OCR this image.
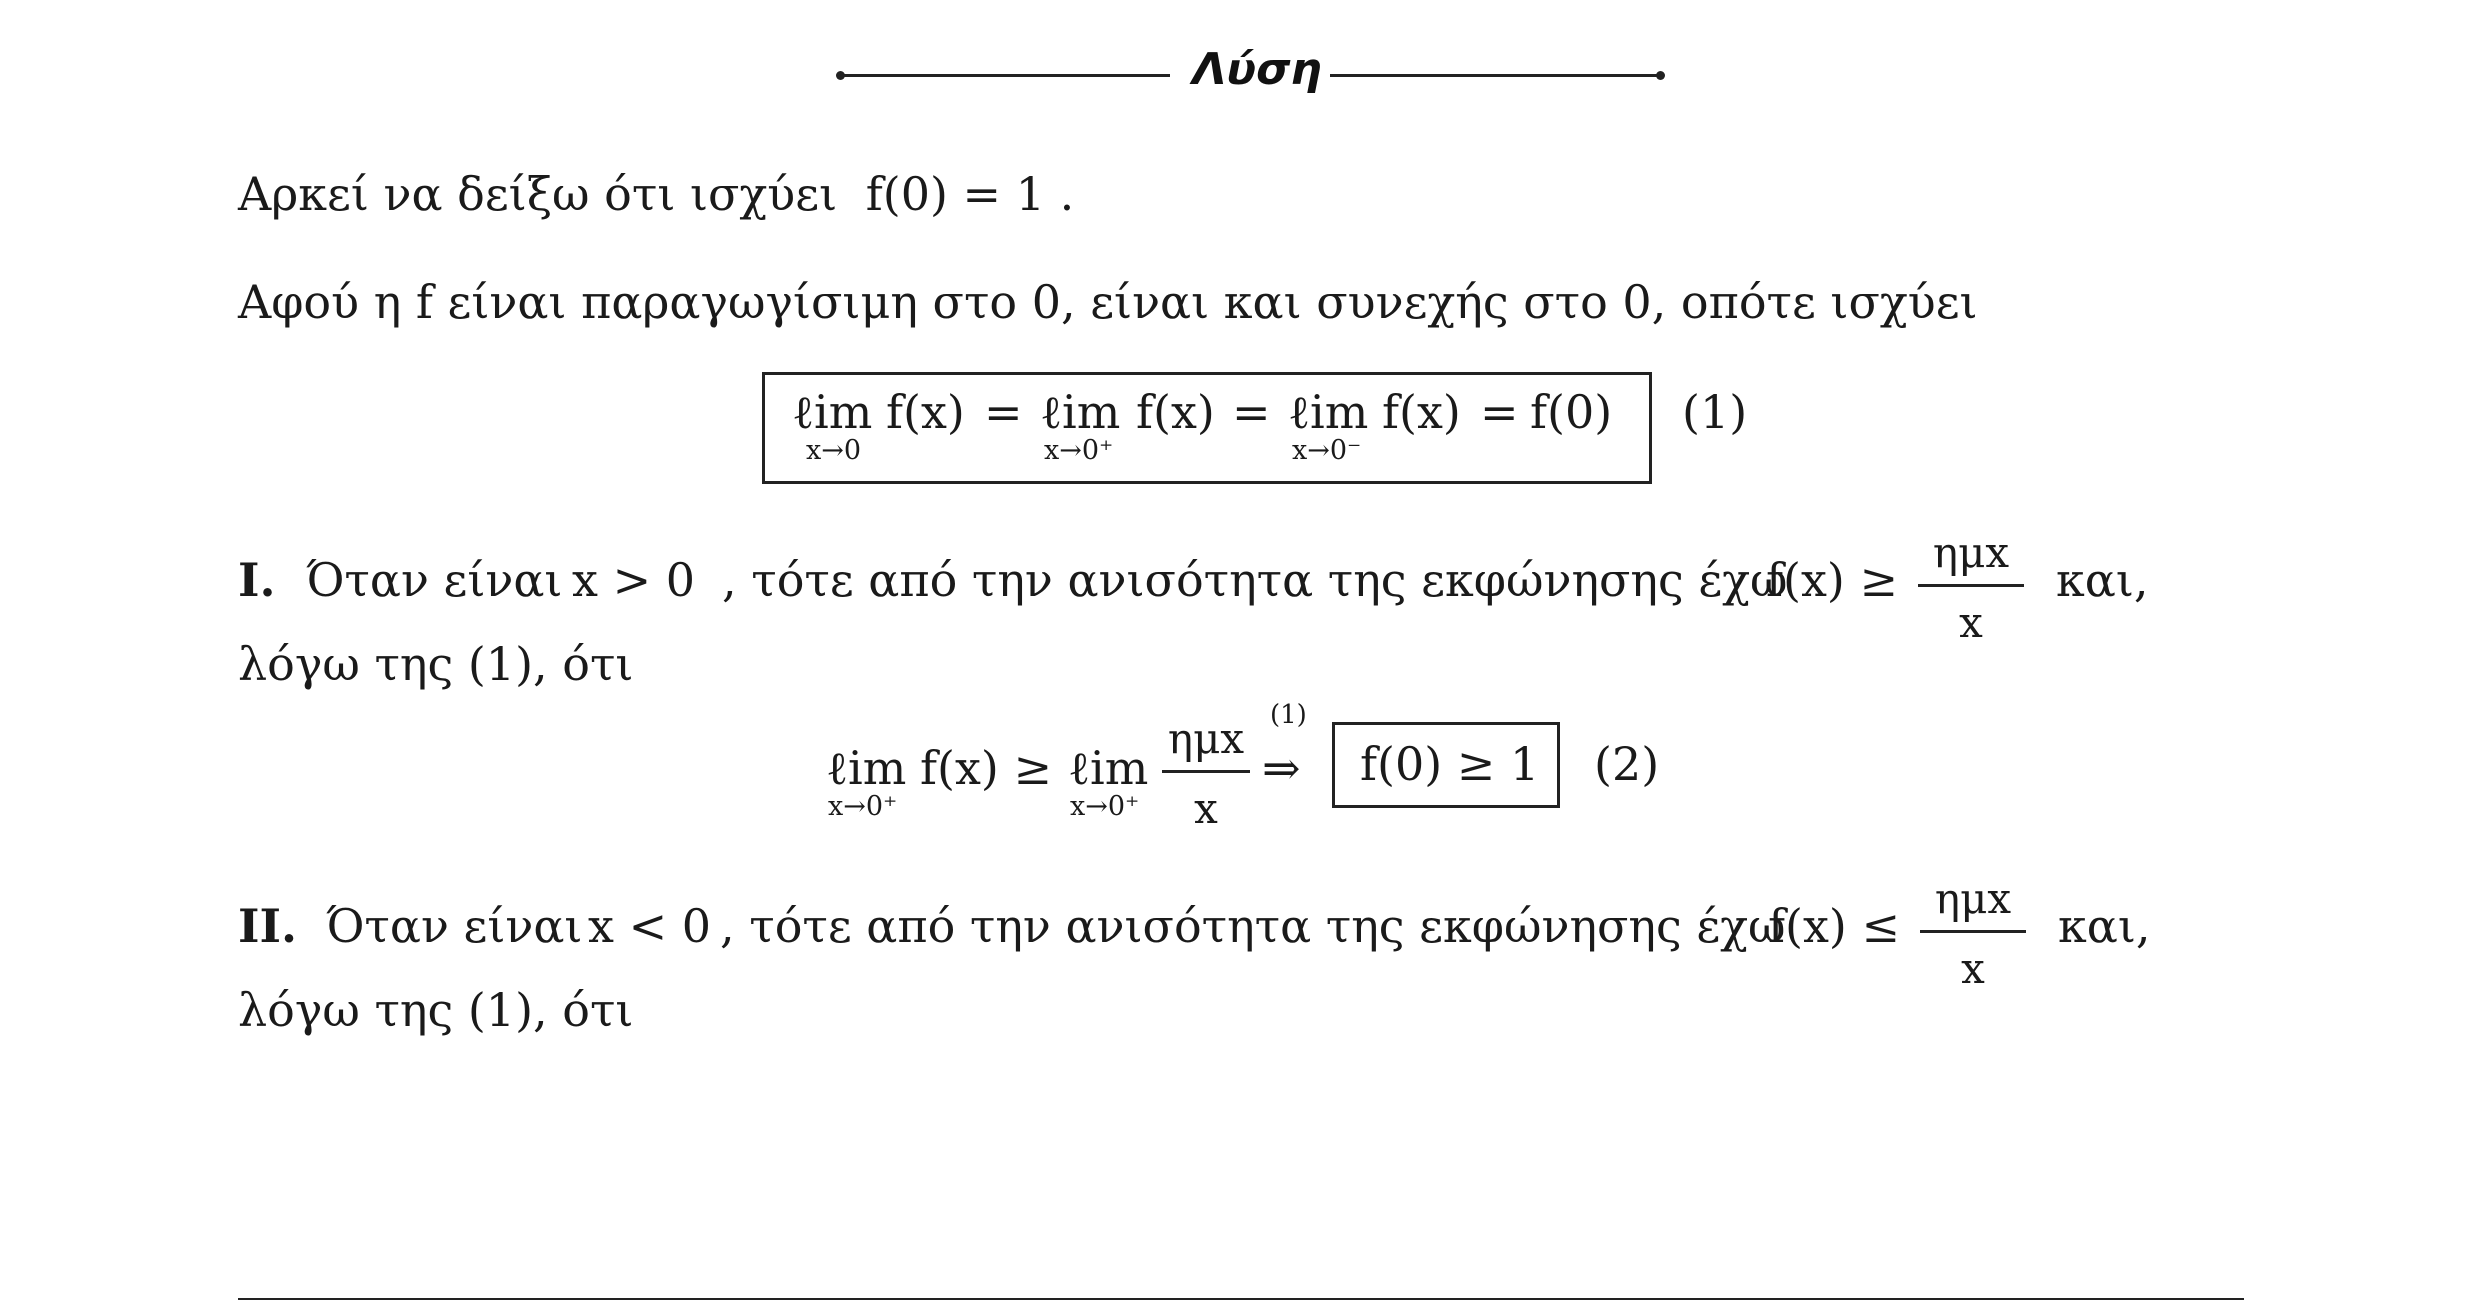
Λύση
Αρκεί να δείξω ότι ισχύει f(0) = 1 .
Αφού η f είναι παραγωγίσιμη στο 0, είναι και συνεχής στο 0, οπότε ισχύει
ℓim
x→0
f(x) = ℓim
x→0⁺
f(x) = ℓim
x→0⁻
f(x) = f(0) (1)
I. Όταν είναι x > 0 , τότε από την ανισότητα της εκφώνησης έχω
f(x) ≥
ημx
x
και,
λόγω της (1), ότι
ℓim
x→0⁺
f(x) ≥ ℓim
x→0⁺
ημx
x
(1)
⇒ f(0) ≥ 1 (2)
II. Όταν είναι x < 0 , τότε από την ανισότητα της εκφώνησης έχω
f(x) ≤
ημx
x
και,
λόγω της (1), ότι
